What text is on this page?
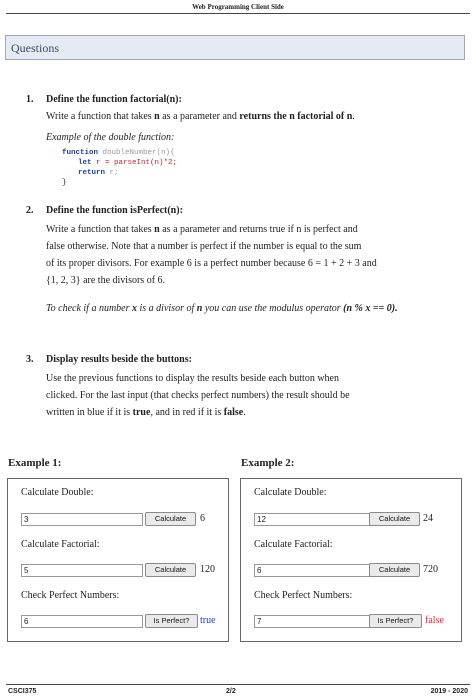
Web Programming Client Side
Questions
1. Define the function factorial(n):
Write a function that takes n as a parameter and returns the n factorial of n.
Example of the double function:
function doubleNumber(n){
let r = parseInt(n)*2;
return r;
}
2. Define the function isPerfect(n):
Write a function that takes n as a parameter and returns true if n is perfect and
false otherwise. Note that a number is perfect if the number is equal to the sum
of its proper divisors. For example 6 is a perfect number because 6 = 1 + 2 + 3 and
{1, 2, 3} are the divisors of 6.
To check if a number x is a divisor of n you can use the modulus operator (n % x == 0).
3. Display results beside the buttons:
Use the previous functions to display the results beside each button when
clicked. For the last input (that checks perfect numbers) the result should be
written in blue if it is true, and in red if it is false.
Example 1:	Example 2:
Calculate Double:
3	Calculate	6
Calculate Factorial:
5	Calculate	120
Check Perfect Numbers:
6	Is Perfect?	true
Calculate Double:
12	Calculate	24
Calculate Factorial:
6	Calculate	720
Check Perfect Numbers:
7	Is Perfect?	false
CSCI375	2/2	2019 - 2020
